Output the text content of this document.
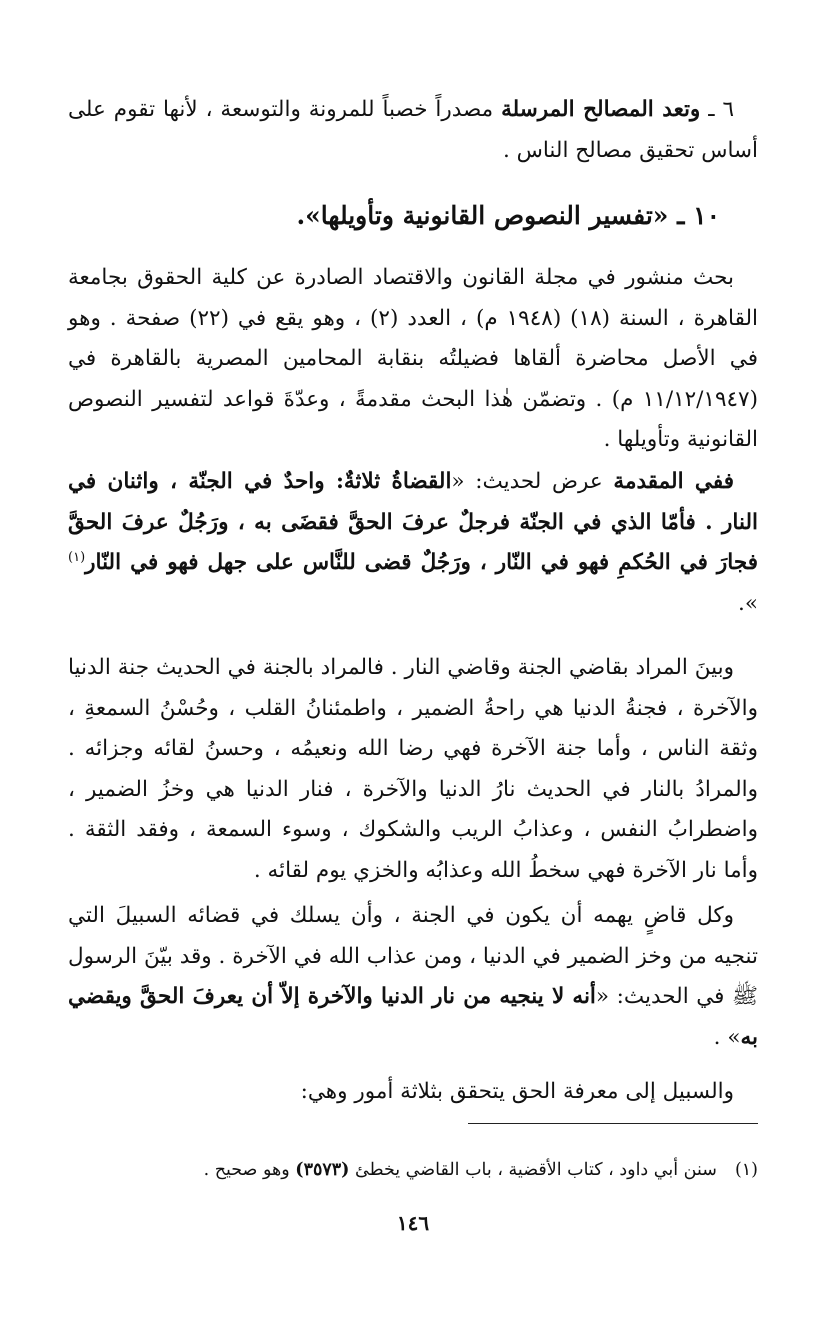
٦ ـ وتعد المصالح المرسلة مصدراً خصباً للمرونة والتوسعة ، لأنها تقوم على أساس تحقيق مصالح الناس .

١٠ ـ «تفسير النصوص القانونية وتأويلها».

بحث منشور في مجلة القانون والاقتصاد الصادرة عن كلية الحقوق بجامعة القاهرة ، السنة (١٨) (١٩٤٨ م) ، العدد (٢) ، وهو يقع في (٢٢) صفحة . وهو في الأصل محاضرة ألقاها فضيلتُه بنقابة المحامين المصرية بالقاهرة في (١١/١٢/١٩٤٧ م) . وتضمّن هٰذا البحث مقدمةً ، وعدّةَ قواعد لتفسير النصوص القانونية وتأويلها .

ففي المقدمة عرض لحديث: «القضاةُ ثلاثةٌ: واحدٌ في الجنّة ، واثنان في النار . فأمّا الذي في الجنّة فرجلٌ عرفَ الحقَّ فقضَى به ، ورَجُلٌ عرفَ الحقَّ فجارَ في الحُكمِ فهو في النّار ، ورَجُلٌ قضى للنَّاس على جهل فهو في النّار$^{(١)}$ ».

وبينَ المراد بقاضي الجنة وقاضي النار . فالمراد بالجنة في الحديث جنة الدنيا والآخرة ، فجنةُ الدنيا هي راحةُ الضمير ، واطمئنانُ القلب ، وحُسْنُ السمعةِ ، وثقة الناس ، وأما جنة الآخرة فهي رضا الله ونعيمُه ، وحسنُ لقائه وجزائه . والمرادُ بالنار في الحديث نارُ الدنيا والآخرة ، فنار الدنيا هي وخزُ الضمير ، واضطرابُ النفس ، وعذابُ الريب والشكوك ، وسوء السمعة ، وفقد الثقة . وأما نار الآخرة فهي سخطُ الله وعذابُه والخزي يوم لقائه .

وكل قاضٍ يهمه أن يكون في الجنة ، وأن يسلك في قضائه السبيلَ التي تنجيه من وخز الضمير في الدنيا ، ومن عذاب الله في الآخرة . وقد بيّنَ الرسول ﷺ في الحديث: «أنه لا ينجيه من نار الدنيا والآخرة إلاّ أن يعرفَ الحقَّ ويقضي به» .

والسبيل إلى معرفة الحق يتحقق بثلاثة أمور وهي:

(١)سنن أبي داود ، كتاب الأقضية ، باب القاضي يخطئ (٣٥٧٣) وهو صحيح .
١٤٦
